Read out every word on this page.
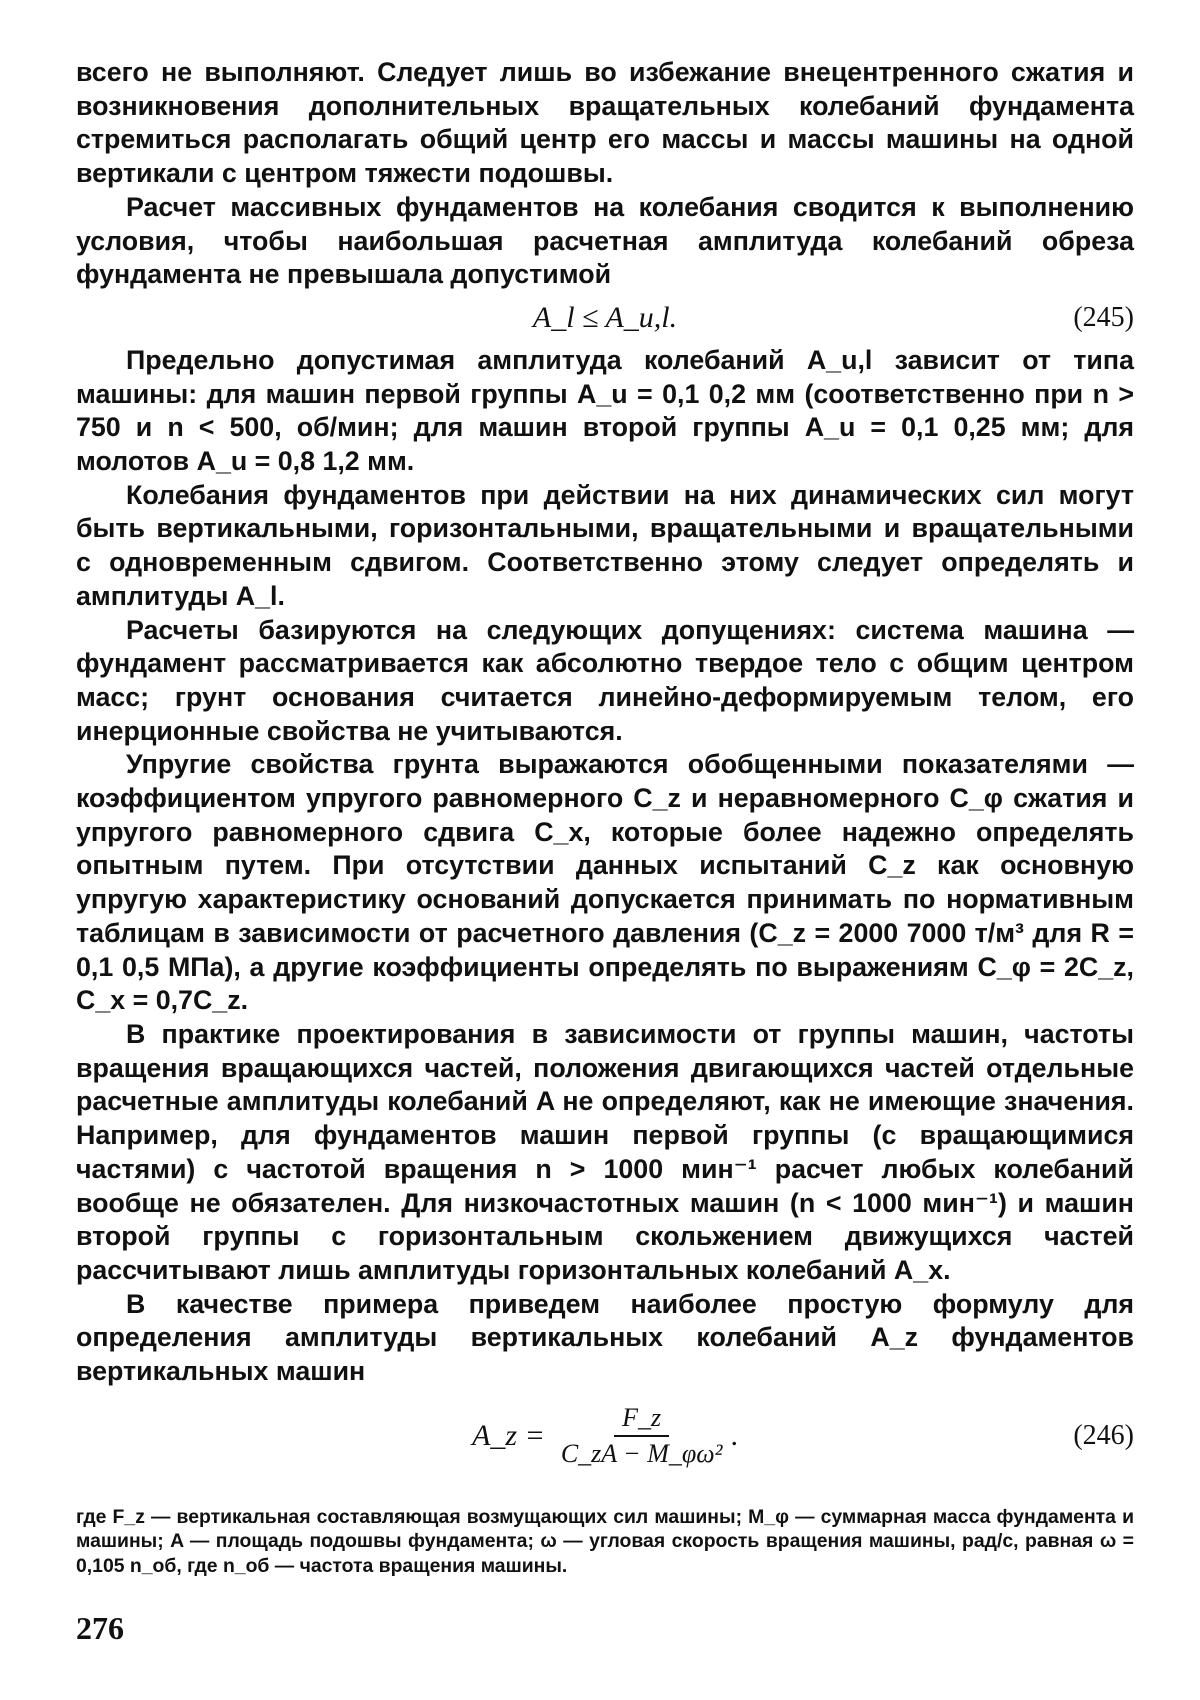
всего не выполняют. Следует лишь во избежание внецентренного сжатия и возникновения дополнительных вращательных колебаний фундамента стремиться располагать общий центр его массы и массы машины на одной вертикали с центром тяжести подошвы.

Расчет массивных фундаментов на колебания сводится к выполнению условия, чтобы наибольшая расчетная амплитуда колебаний обреза фундамента не превышала допустимой

A_l ≤ A_u,l.	(245)

Предельно допустимая амплитуда колебаний A_u,l зависит от типа машины: для машин первой группы A_u = 0,1 0,2 мм (соответственно при n > 750 и n < 500, об/мин; для машин второй группы A_u = 0,1 0,25 мм; для молотов A_u = 0,8 1,2 мм.

Колебания фундаментов при действии на них динамических сил могут быть вертикальными, горизонтальными, вращательными и вращательными с одновременным сдвигом. Соответственно этому следует определять и амплитуды A_l.

Расчеты базируются на следующих допущениях: система машина — фундамент рассматривается как абсолютно твердое тело с общим центром масс; грунт основания считается линейно-деформируемым телом, его инерционные свойства не учитываются.

Упругие свойства грунта выражаются обобщенными показателями — коэффициентом упругого равномерного C_z и неравномерного C_φ сжатия и упругого равномерного сдвига C_x, которые более надежно определять опытным путем. При отсутствии данных испытаний C_z как основную упругую характеристику оснований допускается принимать по нормативным таблицам в зависимости от расчетного давления (C_z = 2000 7000 т/м³ для R = 0,1 0,5 МПа), а другие коэффициенты определять по выражениям C_φ = 2C_z, C_x = 0,7C_z.

В практике проектирования в зависимости от группы машин, частоты вращения вращающихся частей, положения двигающихся частей отдельные расчетные амплитуды колебаний A не определяют, как не имеющие значения. Например, для фундаментов машин первой группы (с вращающимися частями) с частотой вращения n > 1000 мин⁻¹ расчет любых колебаний вообще не обязателен. Для низкочастотных машин (n < 1000 мин⁻¹) и машин второй группы с горизонтальным скольжением движущихся частей рассчитывают лишь амплитуды горизонтальных колебаний A_x.

В качестве примера приведем наиболее простую формулу для определения амплитуды вертикальных колебаний A_z фундаментов вертикальных машин

A_z = $\frac{F\_z}{\text{C\_zA − M\_φω²}}$ .	(246)
где F_z — вертикальная составляющая возмущающих сил машины; M_φ — суммарная масса фундамента и машины; A — площадь подошвы фундамента; ω — угловая скорость вращения машины, рад/с, равная ω = 0,105 n_об, где n_об — частота вращения машины.
276
